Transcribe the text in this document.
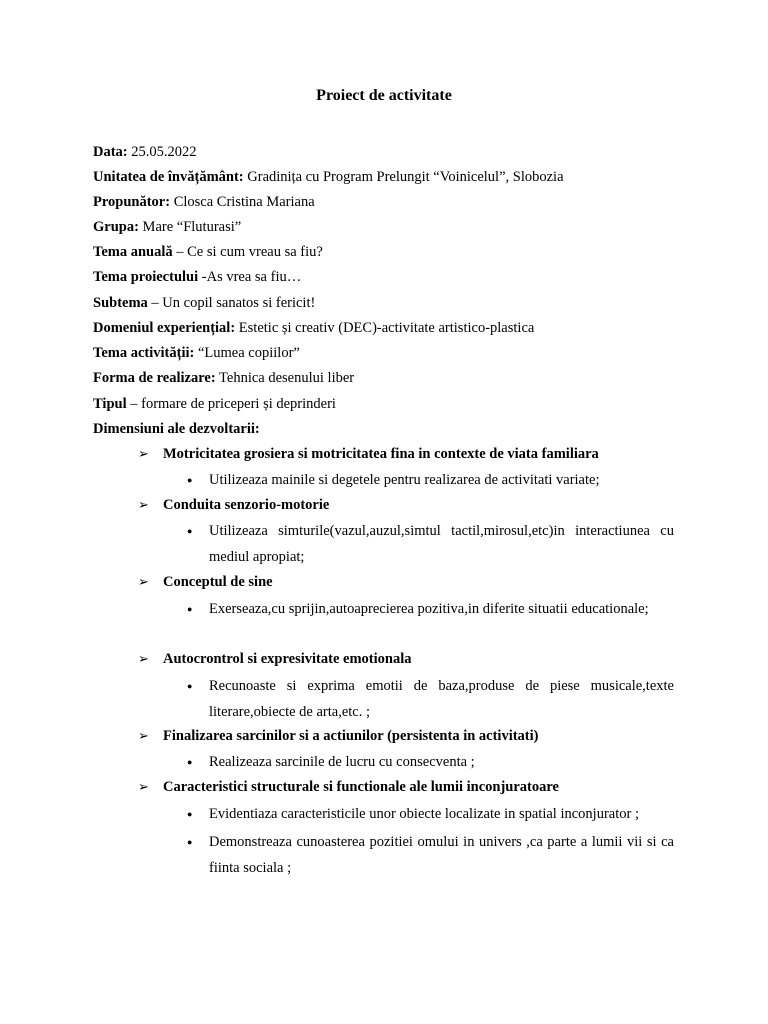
Proiect de activitate
Data: 25.05.2022
Unitatea de învățământ: Gradinița cu Program Prelungit “Voinicelul”, Slobozia
Propunător: Closca Cristina Mariana
Grupa: Mare “Fluturasi”
Tema anuală – Ce si cum vreau sa fiu?
Tema proiectului -As vrea sa fiu…
Subtema – Un copil sanatos si fericit!
Domeniul experiențial: Estetic și creativ (DEC)-activitate artistico-plastica
Tema activității: “Lumea copiilor”
Forma de realizare: Tehnica desenului liber
Tipul – formare de priceperi și deprinderi
Dimensiuni ale dezvoltarii:
➢ Motricitatea grosiera si motricitatea fina in contexte de viata familiara
● Utilizeaza mainile si degetele pentru realizarea de activitati variate;
➢ Conduita senzorio-motorie
● Utilizeaza simturile(vazul,auzul,simtul tactil,mirosul,etc)in interactiunea cu mediul apropiat;
➢ Conceptul de sine
● Exerseaza,cu sprijin,autoaprecierea pozitiva,in diferite situatii educationale;
➢ Autocrontrol si expresivitate emotionala
● Recunoaste si exprima emotii de baza,produse de piese musicale,texte literare,obiecte de arta,etc. ;
➢ Finalizarea sarcinilor si a actiunilor (persistenta in activitati)
● Realizeaza sarcinile de lucru cu consecventa ;
➢ Caracteristici structurale si functionale ale lumii inconjuratoare
● Evidentiaza caracteristicile unor obiecte localizate in spatial inconjurator ;
● Demonstreaza cunoasterea pozitiei omului in univers ,ca parte a lumii vii si ca fiinta sociala ;
